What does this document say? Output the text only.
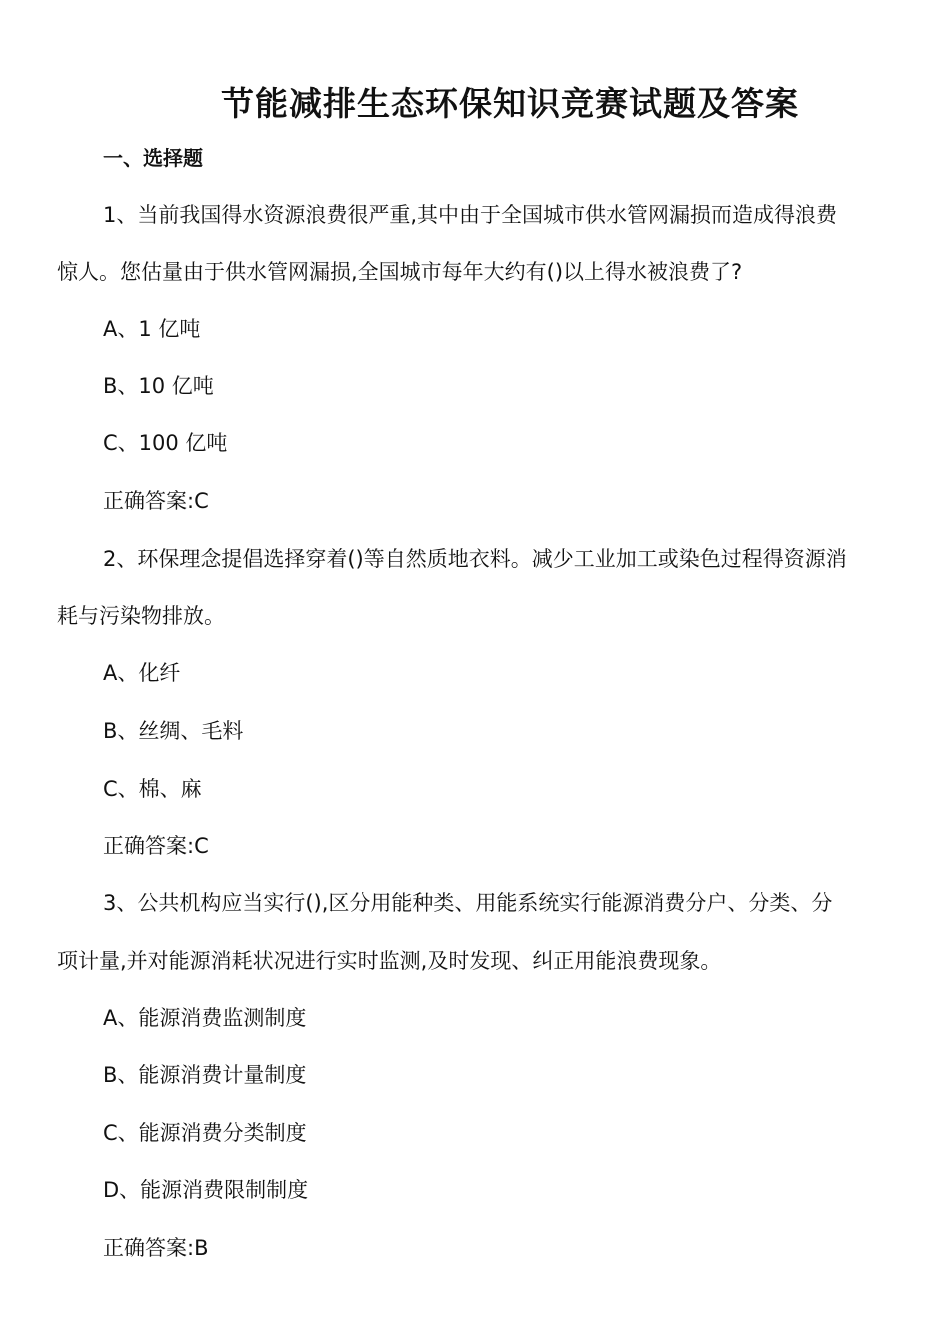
节能减排生态环保知识竞赛试题及答案
一、选择题
1、当前我国得水资源浪费很严重,其中由于全国城市供水管网漏损而造成得浪费
惊人。您估量由于供水管网漏损,全国城市每年大约有()以上得水被浪费了?
A、1 亿吨
B、10 亿吨
C、100 亿吨
正确答案:C
2、环保理念提倡选择穿着()等自然质地衣料。减少工业加工或染色过程得资源消
耗与污染物排放。
A、化纤
B、丝绸、毛料
C、棉、麻
正确答案:C
3、公共机构应当实行(),区分用能种类、用能系统实行能源消费分户、分类、分
项计量,并对能源消耗状况进行实时监测,及时发现、纠正用能浪费现象。
A、能源消费监测制度
B、能源消费计量制度
C、能源消费分类制度
D、能源消费限制制度
正确答案:B
